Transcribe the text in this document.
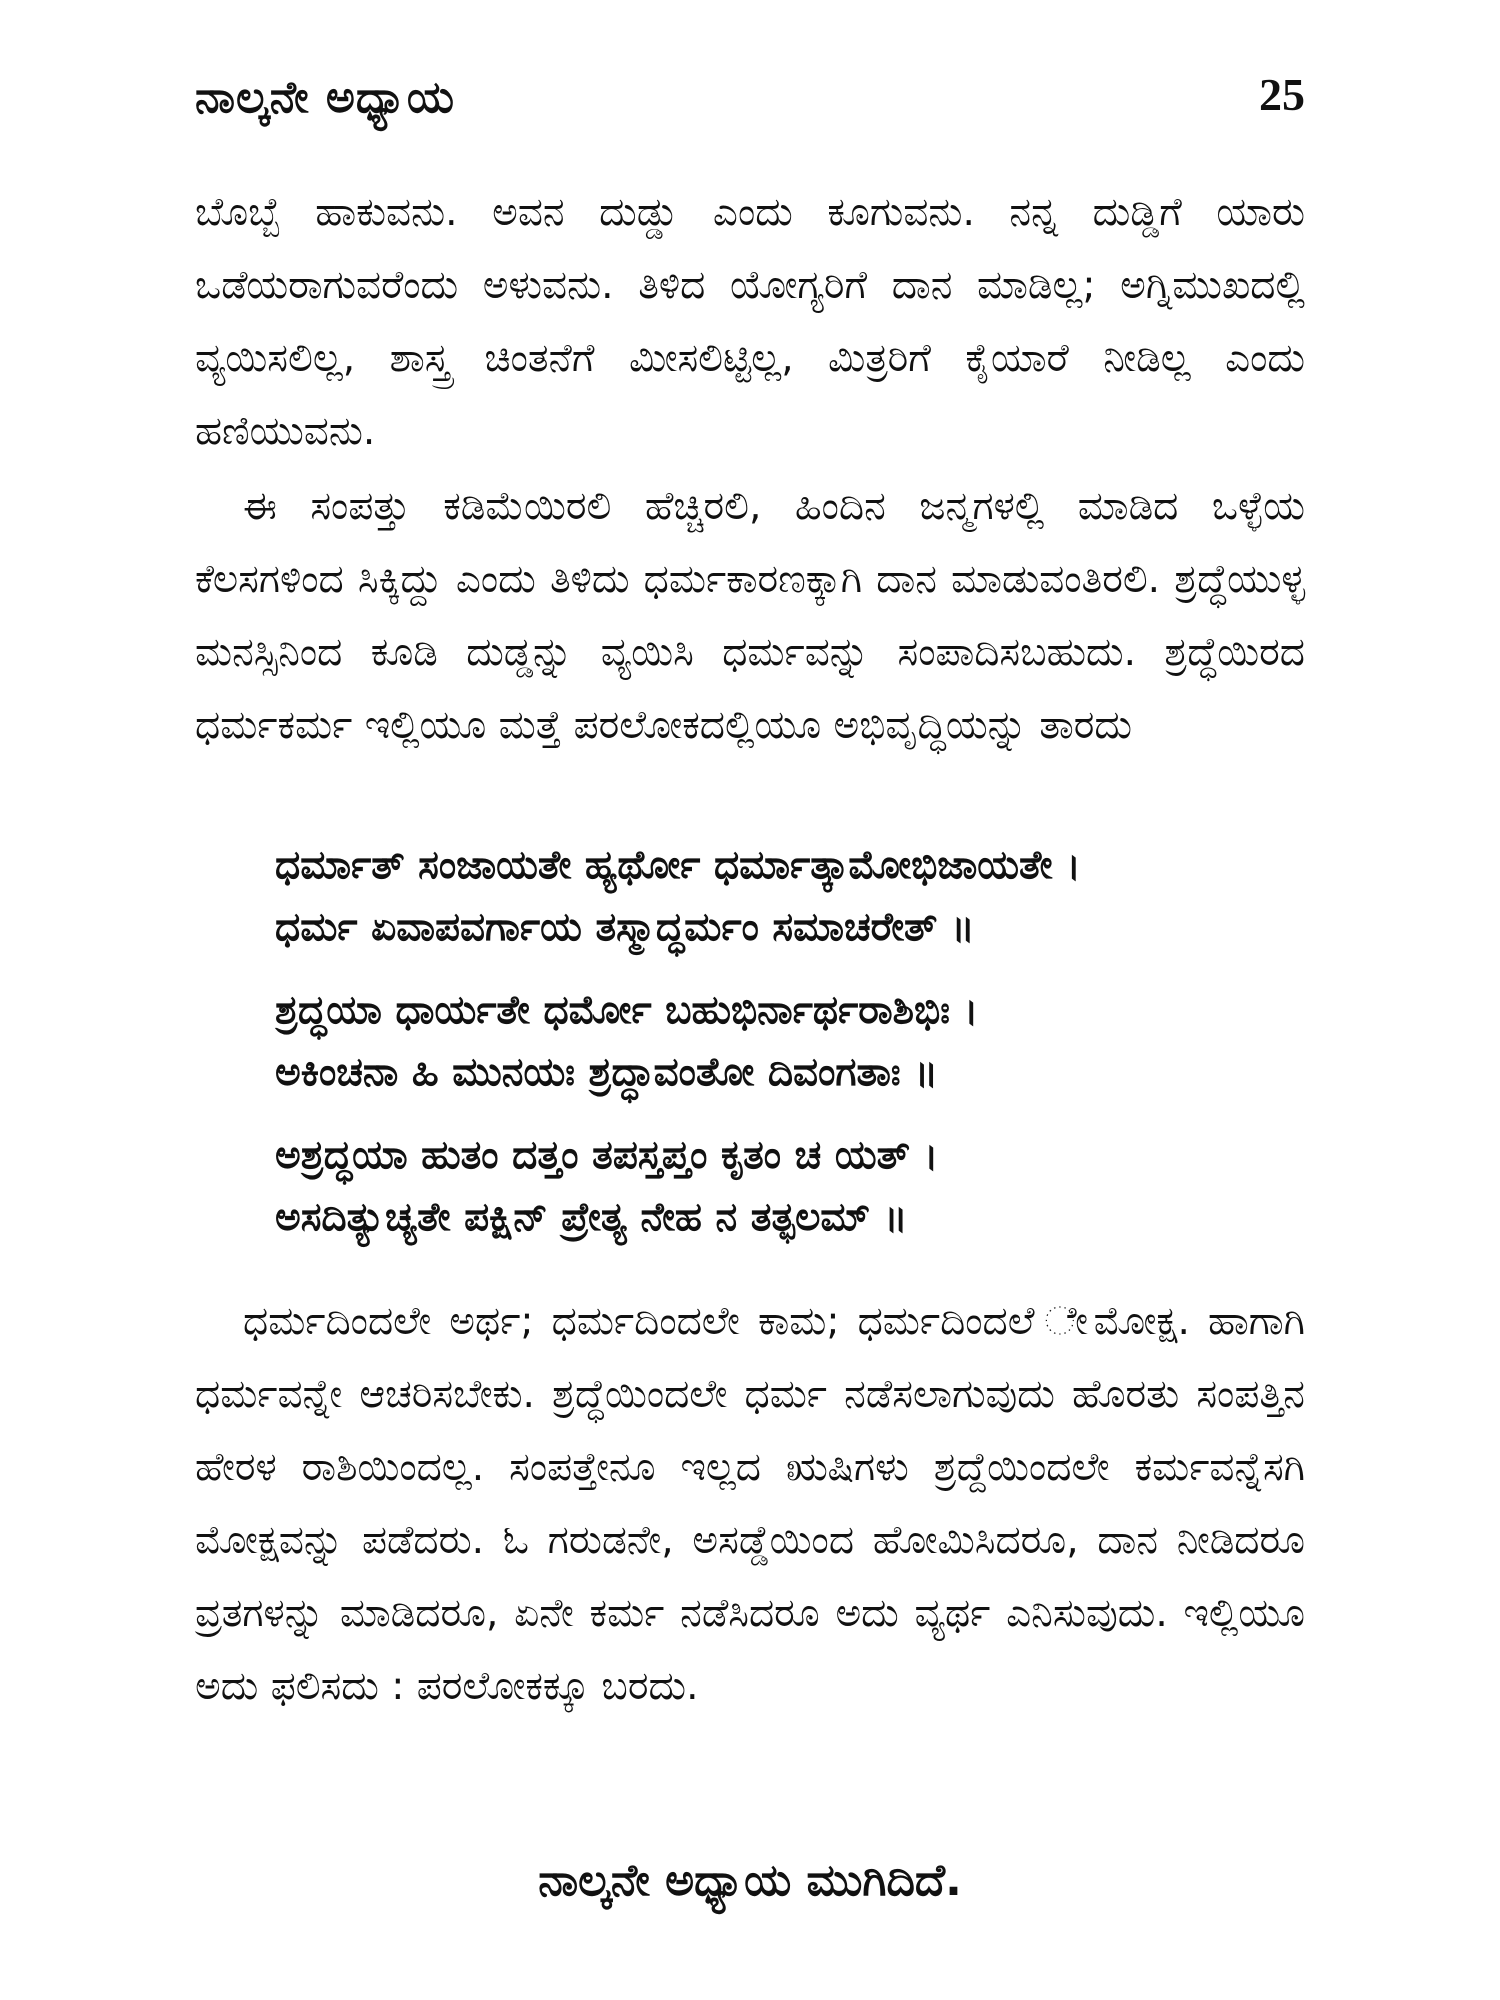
ನಾಲ್ಕನೇ ಅಧ್ಯಾಯ	25

ಬೊಬ್ಬೆ ಹಾಕುವನು. ಅವನ ದುಡ್ಡು ಎಂದು ಕೂಗುವನು. ನನ್ನ ದುಡ್ಡಿಗೆ ಯಾರು ಒಡೆಯರಾಗುವರೆಂದು ಅಳುವನು. ತಿಳಿದ ಯೋಗ್ಯರಿಗೆ ದಾನ ಮಾಡಿಲ್ಲ; ಅಗ್ನಿಮುಖದಲ್ಲಿ ವ್ಯಯಿಸಲಿಲ್ಲ, ಶಾಸ್ತ್ರ ಚಿಂತನೆಗೆ ಮೀಸಲಿಟ್ಟಿಲ್ಲ, ಮಿತ್ರರಿಗೆ ಕೈಯಾರೆ ನೀಡಿಲ್ಲ ಎಂದು ಹಣಿಯುವನು.

ಈ ಸಂಪತ್ತು ಕಡಿಮೆಯಿರಲಿ ಹೆಚ್ಚಿರಲಿ, ಹಿಂದಿನ ಜನ್ಮಗಳಲ್ಲಿ ಮಾಡಿದ ಒಳ್ಳೆಯ ಕೆಲಸಗಳಿಂದ ಸಿಕ್ಕಿದ್ದು ಎಂದು ತಿಳಿದು ಧರ್ಮಕಾರಣಕ್ಕಾಗಿ ದಾನ ಮಾಡುವಂತಿರಲಿ. ಶ್ರದ್ಧೆಯುಳ್ಳ ಮನಸ್ಸಿನಿಂದ ಕೂಡಿ ದುಡ್ಡನ್ನು ವ್ಯಯಿಸಿ ಧರ್ಮವನ್ನು ಸಂಪಾದಿಸಬಹುದು. ಶ್ರದ್ಧೆಯಿರದ ಧರ್ಮಕರ್ಮ ಇಲ್ಲಿಯೂ ಮತ್ತೆ ಪರಲೋಕದಲ್ಲಿಯೂ ಅಭಿವೃದ್ಧಿಯನ್ನು ತಾರದು

ಧರ್ಮಾತ್ ಸಂಜಾಯತೇ ಹ್ಯರ್ಥೋ ಧರ್ಮಾತ್ಕಾಮೋಭಿಜಾಯತೇ ।
ಧರ್ಮ ಏವಾಪವರ್ಗಾಯ ತಸ್ಮಾದ್ಧರ್ಮಂ ಸಮಾಚರೇತ್ ॥
ಶ್ರದ್ಧಯಾ ಧಾರ್ಯತೇ ಧರ್ಮೋ ಬಹುಭಿರ್ನಾರ್ಥರಾಶಿಭಿಃ ।
ಅಕಿಂಚನಾ ಹಿ ಮುನಯಃ ಶ್ರದ್ಧಾವಂತೋ ದಿವಂಗತಾಃ ॥
ಅಶ್ರದ್ಧಯಾ ಹುತಂ ದತ್ತಂ ತಪಸ್ತಪ್ತಂ ಕೃತಂ ಚ ಯತ್ ।
ಅಸದಿತ್ಯುಚ್ಯತೇ ಪಕ್ಷಿನ್ ಪ್ರೇತ್ಯ ನೇಹ ನ ತತ್ಫಲಮ್ ॥

ಧರ್ಮದಿಂದಲೇ ಅರ್ಥ; ಧರ್ಮದಿಂದಲೇ ಕಾಮ; ಧರ್ಮದಿಂದಲೆ ೇಮೋಕ್ಷ. ಹಾಗಾಗಿ ಧರ್ಮವನ್ನೇ ಆಚರಿಸಬೇಕು. ಶ್ರದ್ಧೆಯಿಂದಲೇ ಧರ್ಮ ನಡೆಸಲಾಗುವುದು ಹೊರತು ಸಂಪತ್ತಿನ ಹೇರಳ ರಾಶಿಯಿಂದಲ್ಲ. ಸಂಪತ್ತೇನೂ ಇಲ್ಲದ ಋಷಿಗಳು ಶ್ರದ್ದೆಯಿಂದಲೇ ಕರ್ಮವನ್ನೆಸಗಿ ಮೋಕ್ಷವನ್ನು ಪಡೆದರು. ಓ ಗರುಡನೇ, ಅಸಡ್ಡೆಯಿಂದ ಹೋಮಿಸಿದರೂ, ದಾನ ನೀಡಿದರೂ ವ್ರತಗಳನ್ನು ಮಾಡಿದರೂ, ಏನೇ ಕರ್ಮ ನಡೆಸಿದರೂ ಅದು ವ್ಯರ್ಥ ಎನಿಸುವುದು. ಇಲ್ಲಿಯೂ ಅದು ಫಲಿಸದು : ಪರಲೋಕಕ್ಕೂ ಬರದು.

ನಾಲ್ಕನೇ ಅಧ್ಯಾಯ ಮುಗಿದಿದೆ.
